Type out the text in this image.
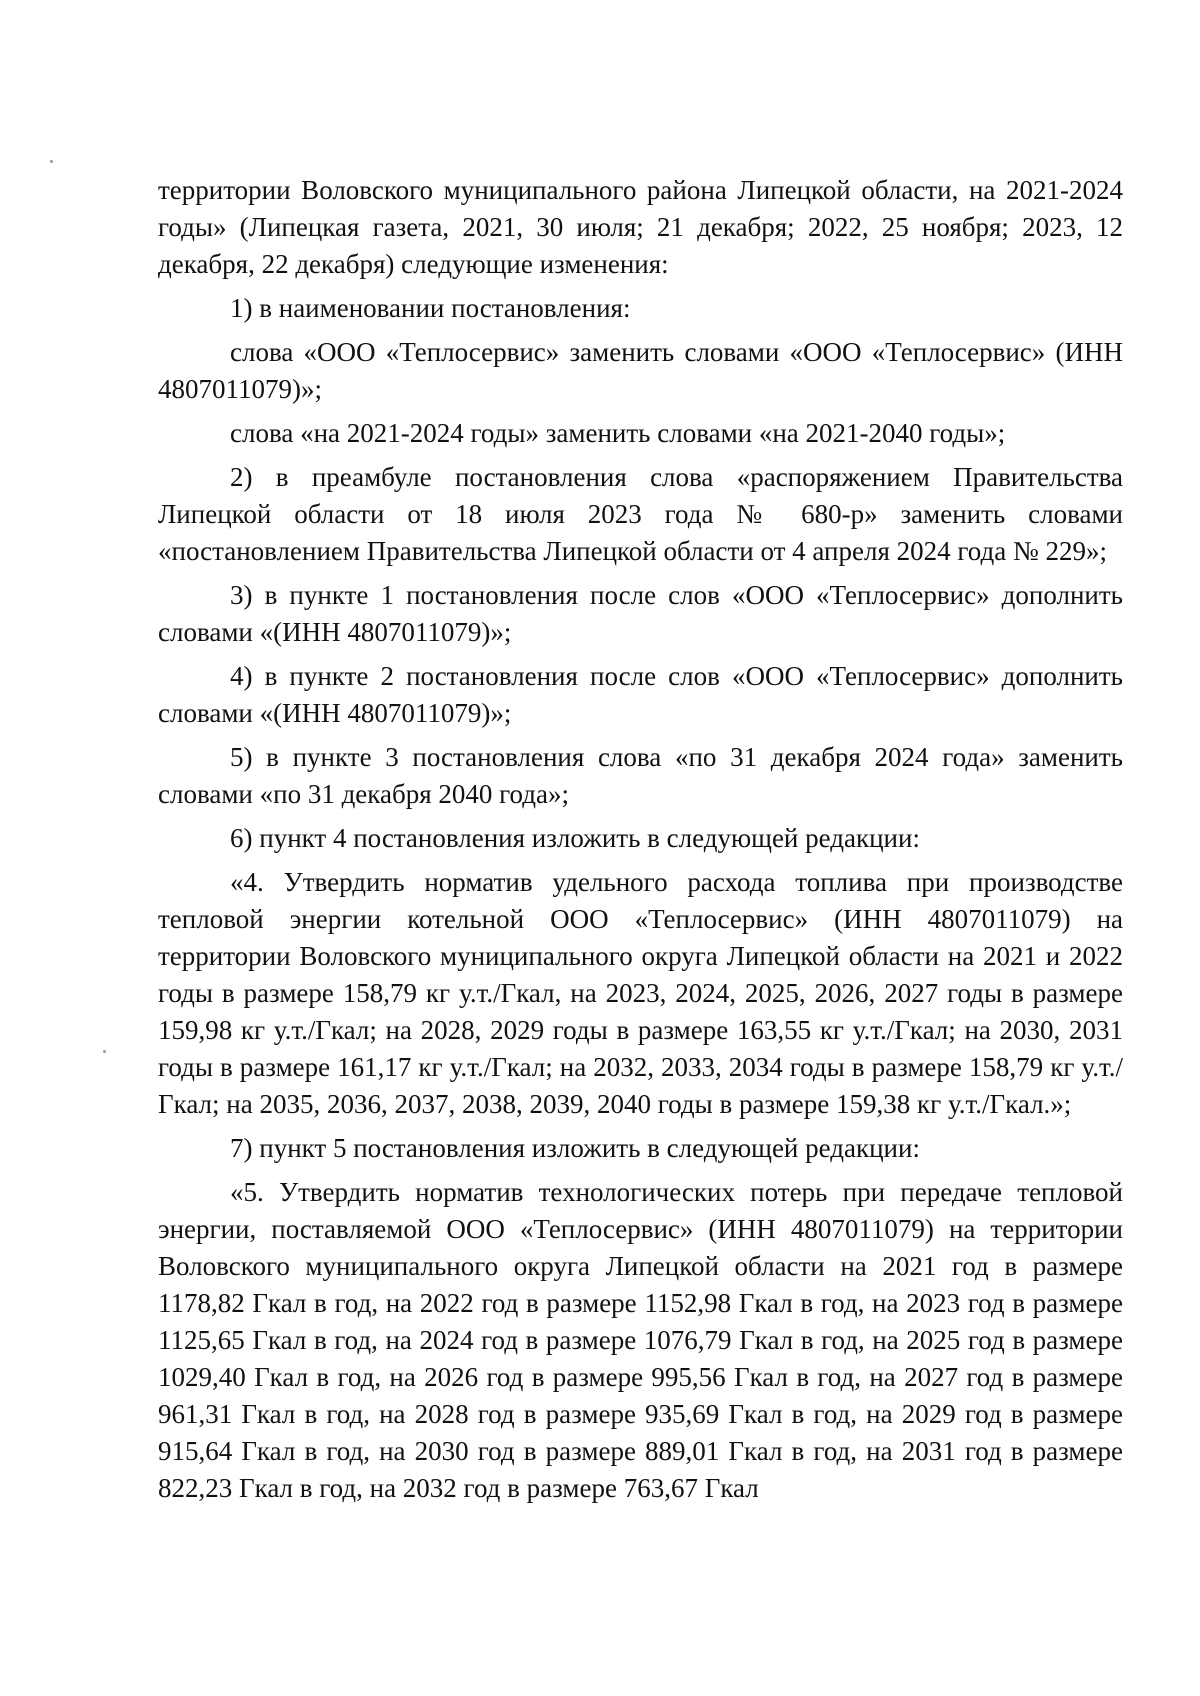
территории Воловского муниципального района Липецкой области, на 2021-2024 годы» (Липецкая газета, 2021, 30 июля; 21 декабря; 2022, 25 ноября; 2023, 12 декабря, 22 декабря) следующие изменения:

1) в наименовании постановления:

слова «ООО «Теплосервис» заменить словами «ООО «Теплосервис» (ИНН 4807011079)»;

слова «на 2021-2024 годы» заменить словами «на 2021-2040 годы»;

2) в преамбуле постановления слова «распоряжением Правительства Липецкой области от 18 июля 2023 года № 680-р» заменить словами «постановлением Правительства Липецкой области от 4 апреля 2024 года № 229»;

3) в пункте 1 постановления после слов «ООО «Теплосервис» дополнить словами «(ИНН 4807011079)»;

4) в пункте 2 постановления после слов «ООО «Теплосервис» дополнить словами «(ИНН 4807011079)»;

5) в пункте 3 постановления слова «по 31 декабря 2024 года» заменить словами «по 31 декабря 2040 года»;

6) пункт 4 постановления изложить в следующей редакции:

«4. Утвердить норматив удельного расхода топлива при производстве тепловой энергии котельной ООО «Теплосервис» (ИНН 4807011079) на территории Воловского муниципального округа Липецкой области на 2021 и 2022 годы в размере 158,79 кг у.т./Гкал, на 2023, 2024, 2025, 2026, 2027 годы в размере 159,98 кг у.т./Гкал; на 2028, 2029 годы в размере 163,55 кг у.т./Гкал; на 2030, 2031 годы в размере 161,17 кг у.т./Гкал; на 2032, 2033, 2034 годы в размере 158,79 кг у.т./Гкал; на 2035, 2036, 2037, 2038, 2039, 2040 годы в размере 159,38 кг у.т./Гкал.»;

7) пункт 5 постановления изложить в следующей редакции:

«5. Утвердить норматив технологических потерь при передаче тепловой энергии, поставляемой ООО «Теплосервис» (ИНН 4807011079) на территории Воловского муниципального округа Липецкой области на 2021 год в размере 1178,82 Гкал в год, на 2022 год в размере 1152,98 Гкал в год, на 2023 год в размере 1125,65 Гкал в год, на 2024 год в размере 1076,79 Гкал в год, на 2025 год в размере 1029,40 Гкал в год, на 2026 год в размере 995,56 Гкал в год, на 2027 год в размере 961,31 Гкал в год, на 2028 год в размере 935,69 Гкал в год, на 2029 год в размере 915,64 Гкал в год, на 2030 год в размере 889,01 Гкал в год, на 2031 год в размере 822,23 Гкал в год, на 2032 год в размере 763,67 Гкал
